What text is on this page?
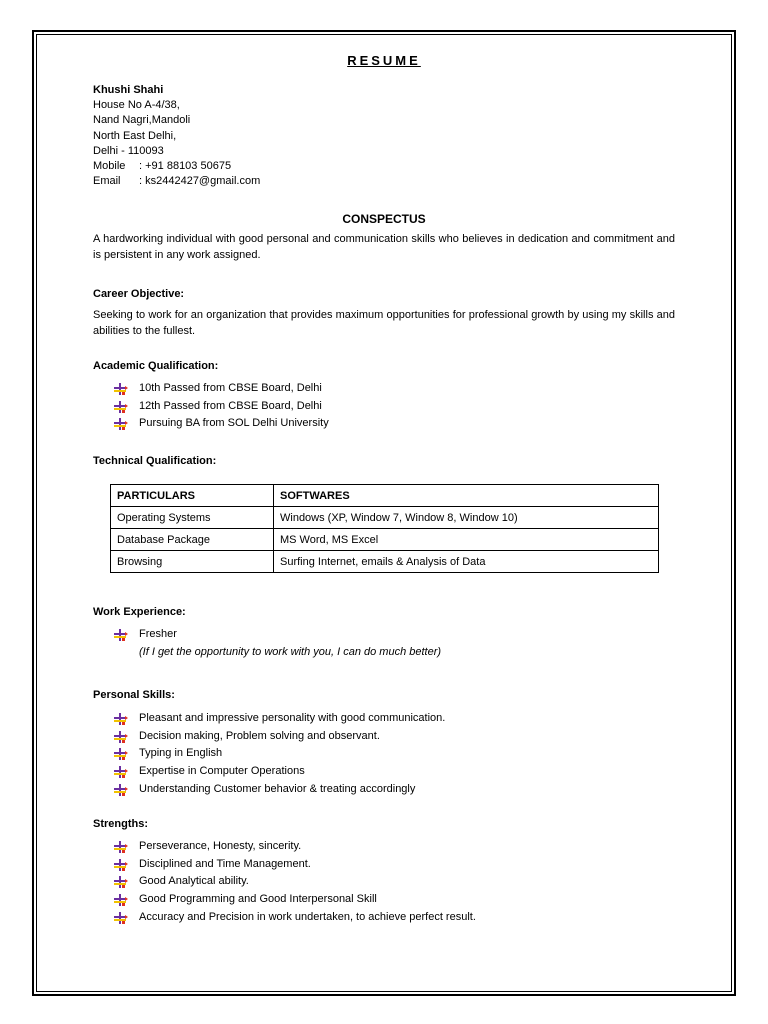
RESUME
Khushi Shahi
House No A-4/38,
Nand Nagri,Mandoli
North East Delhi,
Delhi - 110093
Mobile : +91 88103 50675
Email : ks2442427@gmail.com
CONSPECTUS
A hardworking individual with good personal and communication skills who believes in dedication and commitment and is persistent in any work assigned.
Career Objective:
Seeking to work for an organization that provides maximum opportunities for professional growth by using my skills and abilities to the fullest.
Academic Qualification:
10th Passed from CBSE Board, Delhi
12th Passed from CBSE Board, Delhi
Pursuing BA from SOL Delhi University
Technical Qualification:
PARTICULARS	SOFTWARES
Operating Systems	Windows (XP, Window 7, Window 8, Window 10)
Database Package	MS Word, MS Excel
Browsing	Surfing Internet, emails & Analysis of Data
Work Experience:
Fresher
(If I get the opportunity to work with you, I can do much better)
Personal Skills:
Pleasant and impressive personality with good communication.
Decision making, Problem solving and observant.
Typing in English
Expertise in Computer Operations
Understanding Customer behavior & treating accordingly
Strengths:
Perseverance, Honesty, sincerity.
Disciplined and Time Management.
Good Analytical ability.
Good Programming and Good Interpersonal Skill
Accuracy and Precision in work undertaken, to achieve perfect result.
